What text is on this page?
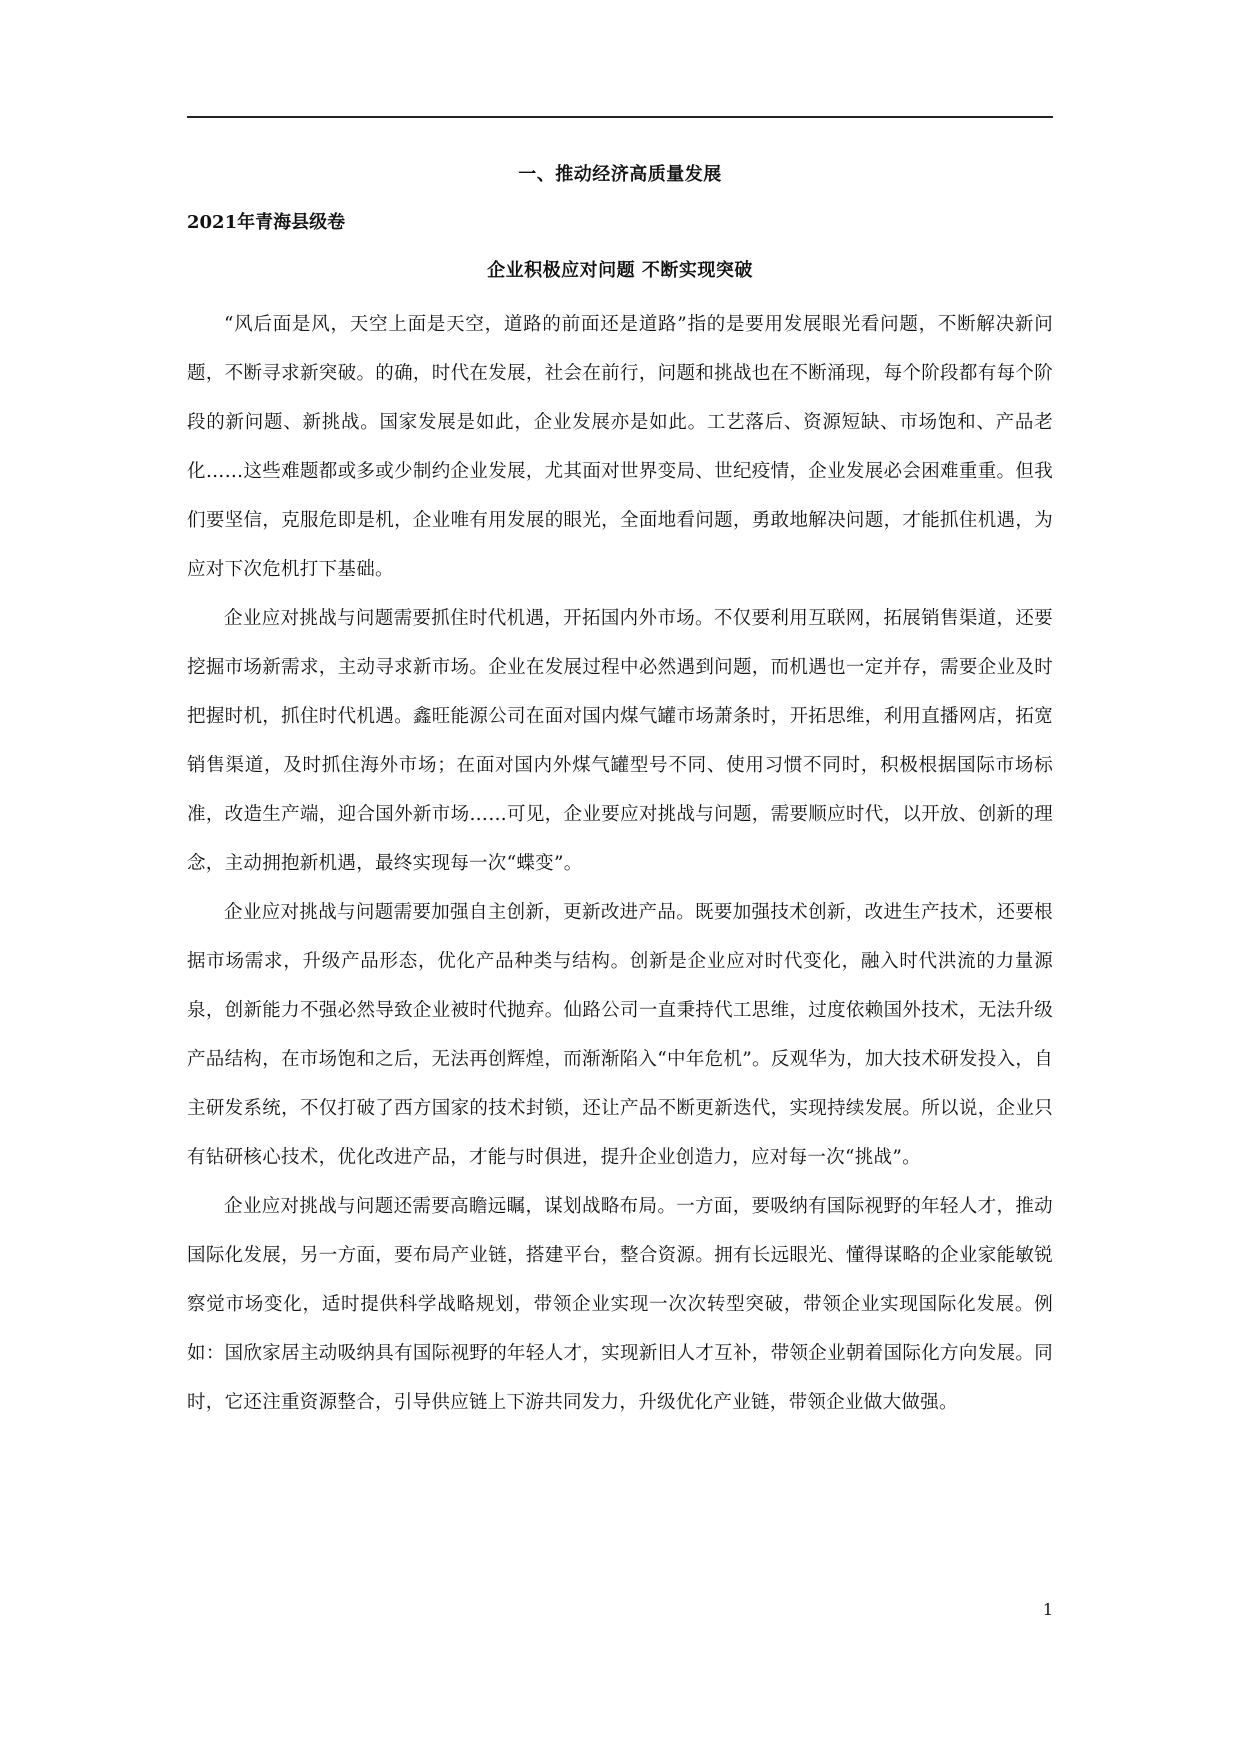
一、推动经济高质量发展
2021年青海县级卷
企业积极应对问题 不断实现突破

“风后面是风，天空上面是天空，道路的前面还是道路”指的是要用发展眼光看问题，不断解决新问题，不断寻求新突破。的确，时代在发展，社会在前行，问题和挑战也在不断涌现，每个阶段都有每个阶段的新问题、新挑战。国家发展是如此，企业发展亦是如此。工艺落后、资源短缺、市场饱和、产品老化……这些难题都或多或少制约企业发展，尤其面对世界变局、世纪疫情，企业发展必会困难重重。但我们要坚信，克服危即是机，企业唯有用发展的眼光，全面地看问题，勇敢地解决问题，才能抓住机遇，为应对下次危机打下基础。

企业应对挑战与问题需要抓住时代机遇，开拓国内外市场。不仅要利用互联网，拓展销售渠道，还要挖掘市场新需求，主动寻求新市场。企业在发展过程中必然遇到问题，而机遇也一定并存，需要企业及时把握时机，抓住时代机遇。鑫旺能源公司在面对国内煤气罐市场萧条时，开拓思维，利用直播网店，拓宽销售渠道，及时抓住海外市场；在面对国内外煤气罐型号不同、使用习惯不同时，积极根据国际市场标准，改造生产端，迎合国外新市场……可见，企业要应对挑战与问题，需要顺应时代，以开放、创新的理念，主动拥抱新机遇，最终实现每一次“蝶变”。

企业应对挑战与问题需要加强自主创新，更新改进产品。既要加强技术创新，改进生产技术，还要根据市场需求，升级产品形态，优化产品种类与结构。创新是企业应对时代变化，融入时代洪流的力量源泉，创新能力不强必然导致企业被时代抛弃。仙路公司一直秉持代工思维，过度依赖国外技术，无法升级产品结构，在市场饱和之后，无法再创辉煌，而渐渐陷入“中年危机”。反观华为，加大技术研发投入，自主研发系统，不仅打破了西方国家的技术封锁，还让产品不断更新迭代，实现持续发展。所以说，企业只有钻研核心技术，优化改进产品，才能与时俱进，提升企业创造力，应对每一次“挑战”。

企业应对挑战与问题还需要高瞻远瞩，谋划战略布局。一方面，要吸纳有国际视野的年轻人才，推动国际化发展，另一方面，要布局产业链，搭建平台，整合资源。拥有长远眼光、懂得谋略的企业家能敏锐察觉市场变化，适时提供科学战略规划，带领企业实现一次次转型突破，带领企业实现国际化发展。例如：国欣家居主动吸纳具有国际视野的年轻人才，实现新旧人才互补，带领企业朝着国际化方向发展。同时，它还注重资源整合，引导供应链上下游共同发力，升级优化产业链，带领企业做大做强。

1
